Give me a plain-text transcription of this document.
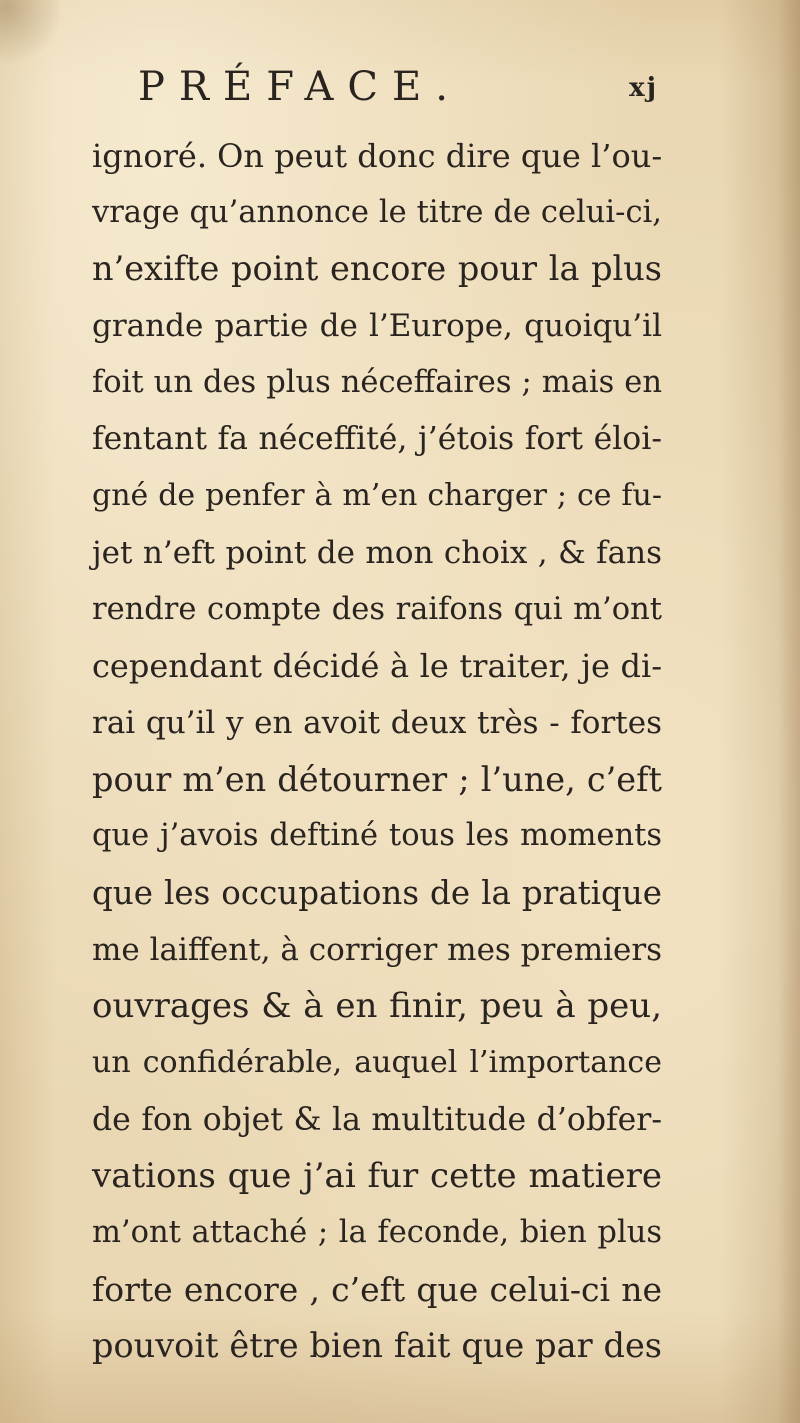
PRÉFACE.	xj
ignoré. On peut donc dire que l’ou-
vrage qu’annonce le titre de celui-ci,
n’exifte point encore pour la plus
grande partie de l’Europe, quoiqu’il
foit un des plus néceffaires ; mais en
fentant fa néceffité, j’étois fort éloi-
gné de penfer à m’en charger ; ce fu-
jet n’eft point de mon choix , & fans
rendre compte des raifons qui m’ont
cependant décidé à le traiter, je di-
rai qu’il y en avoit deux très - fortes
pour m’en détourner ; l’une, c’eft
que j’avois deftiné tous les moments
que les occupations de la pratique
me laiffent, à corriger mes premiers
ouvrages & à en finir, peu à peu,
un confidérable, auquel l’importance
de fon objet & la multitude d’obfer-
vations que j’ai fur cette matiere
m’ont attaché ; la feconde, bien plus
forte encore , c’eft que celui-ci ne
pouvoit être bien fait que par des
